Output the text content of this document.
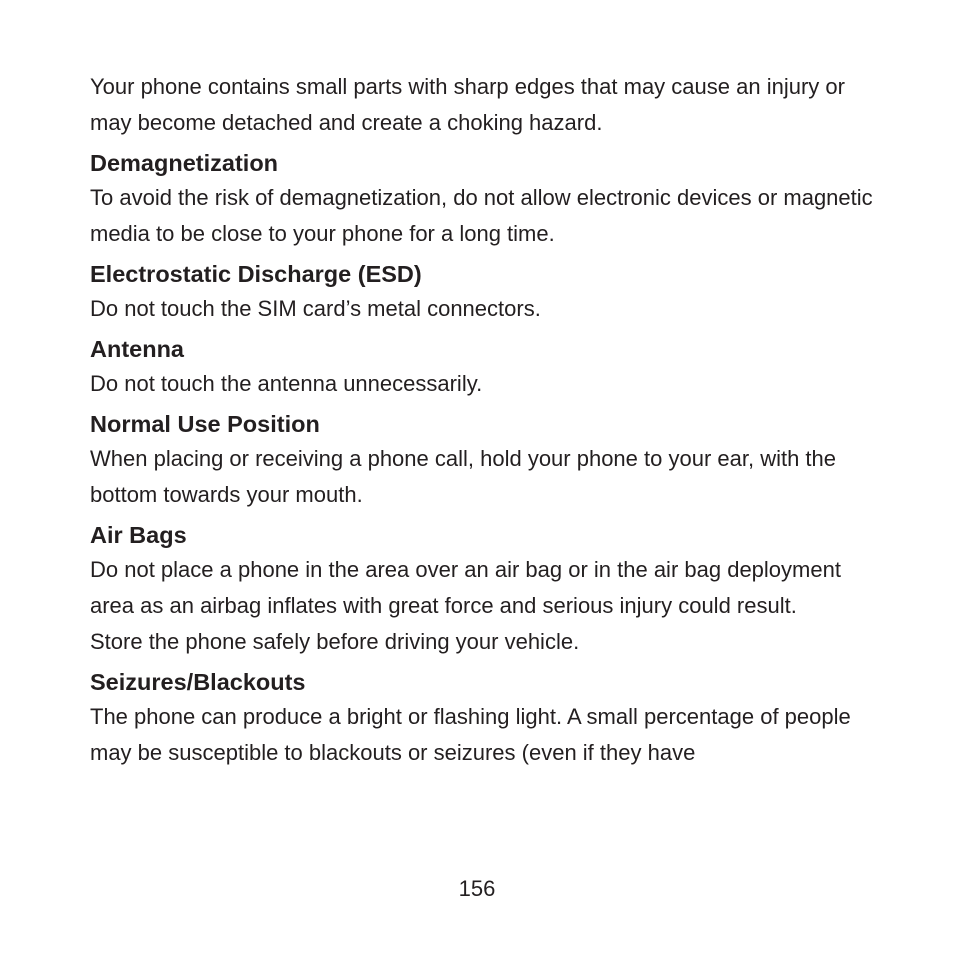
Your phone contains small parts with sharp edges that may cause an injury or may become detached and create a choking hazard.

Demagnetization

To avoid the risk of demagnetization, do not allow electronic devices or magnetic media to be close to your phone for a long time.

Electrostatic Discharge (ESD)

Do not touch the SIM card’s metal connectors.

Antenna

Do not touch the antenna unnecessarily.

Normal Use Position

When placing or receiving a phone call, hold your phone to your ear, with the bottom towards your mouth.

Air Bags

Do not place a phone in the area over an air bag or in the air bag deployment area as an airbag inflates with great force and serious injury could result.

Store the phone safely before driving your vehicle.

Seizures/Blackouts

The phone can produce a bright or flashing light. A small percentage of people may be susceptible to blackouts or seizures (even if they have

156
